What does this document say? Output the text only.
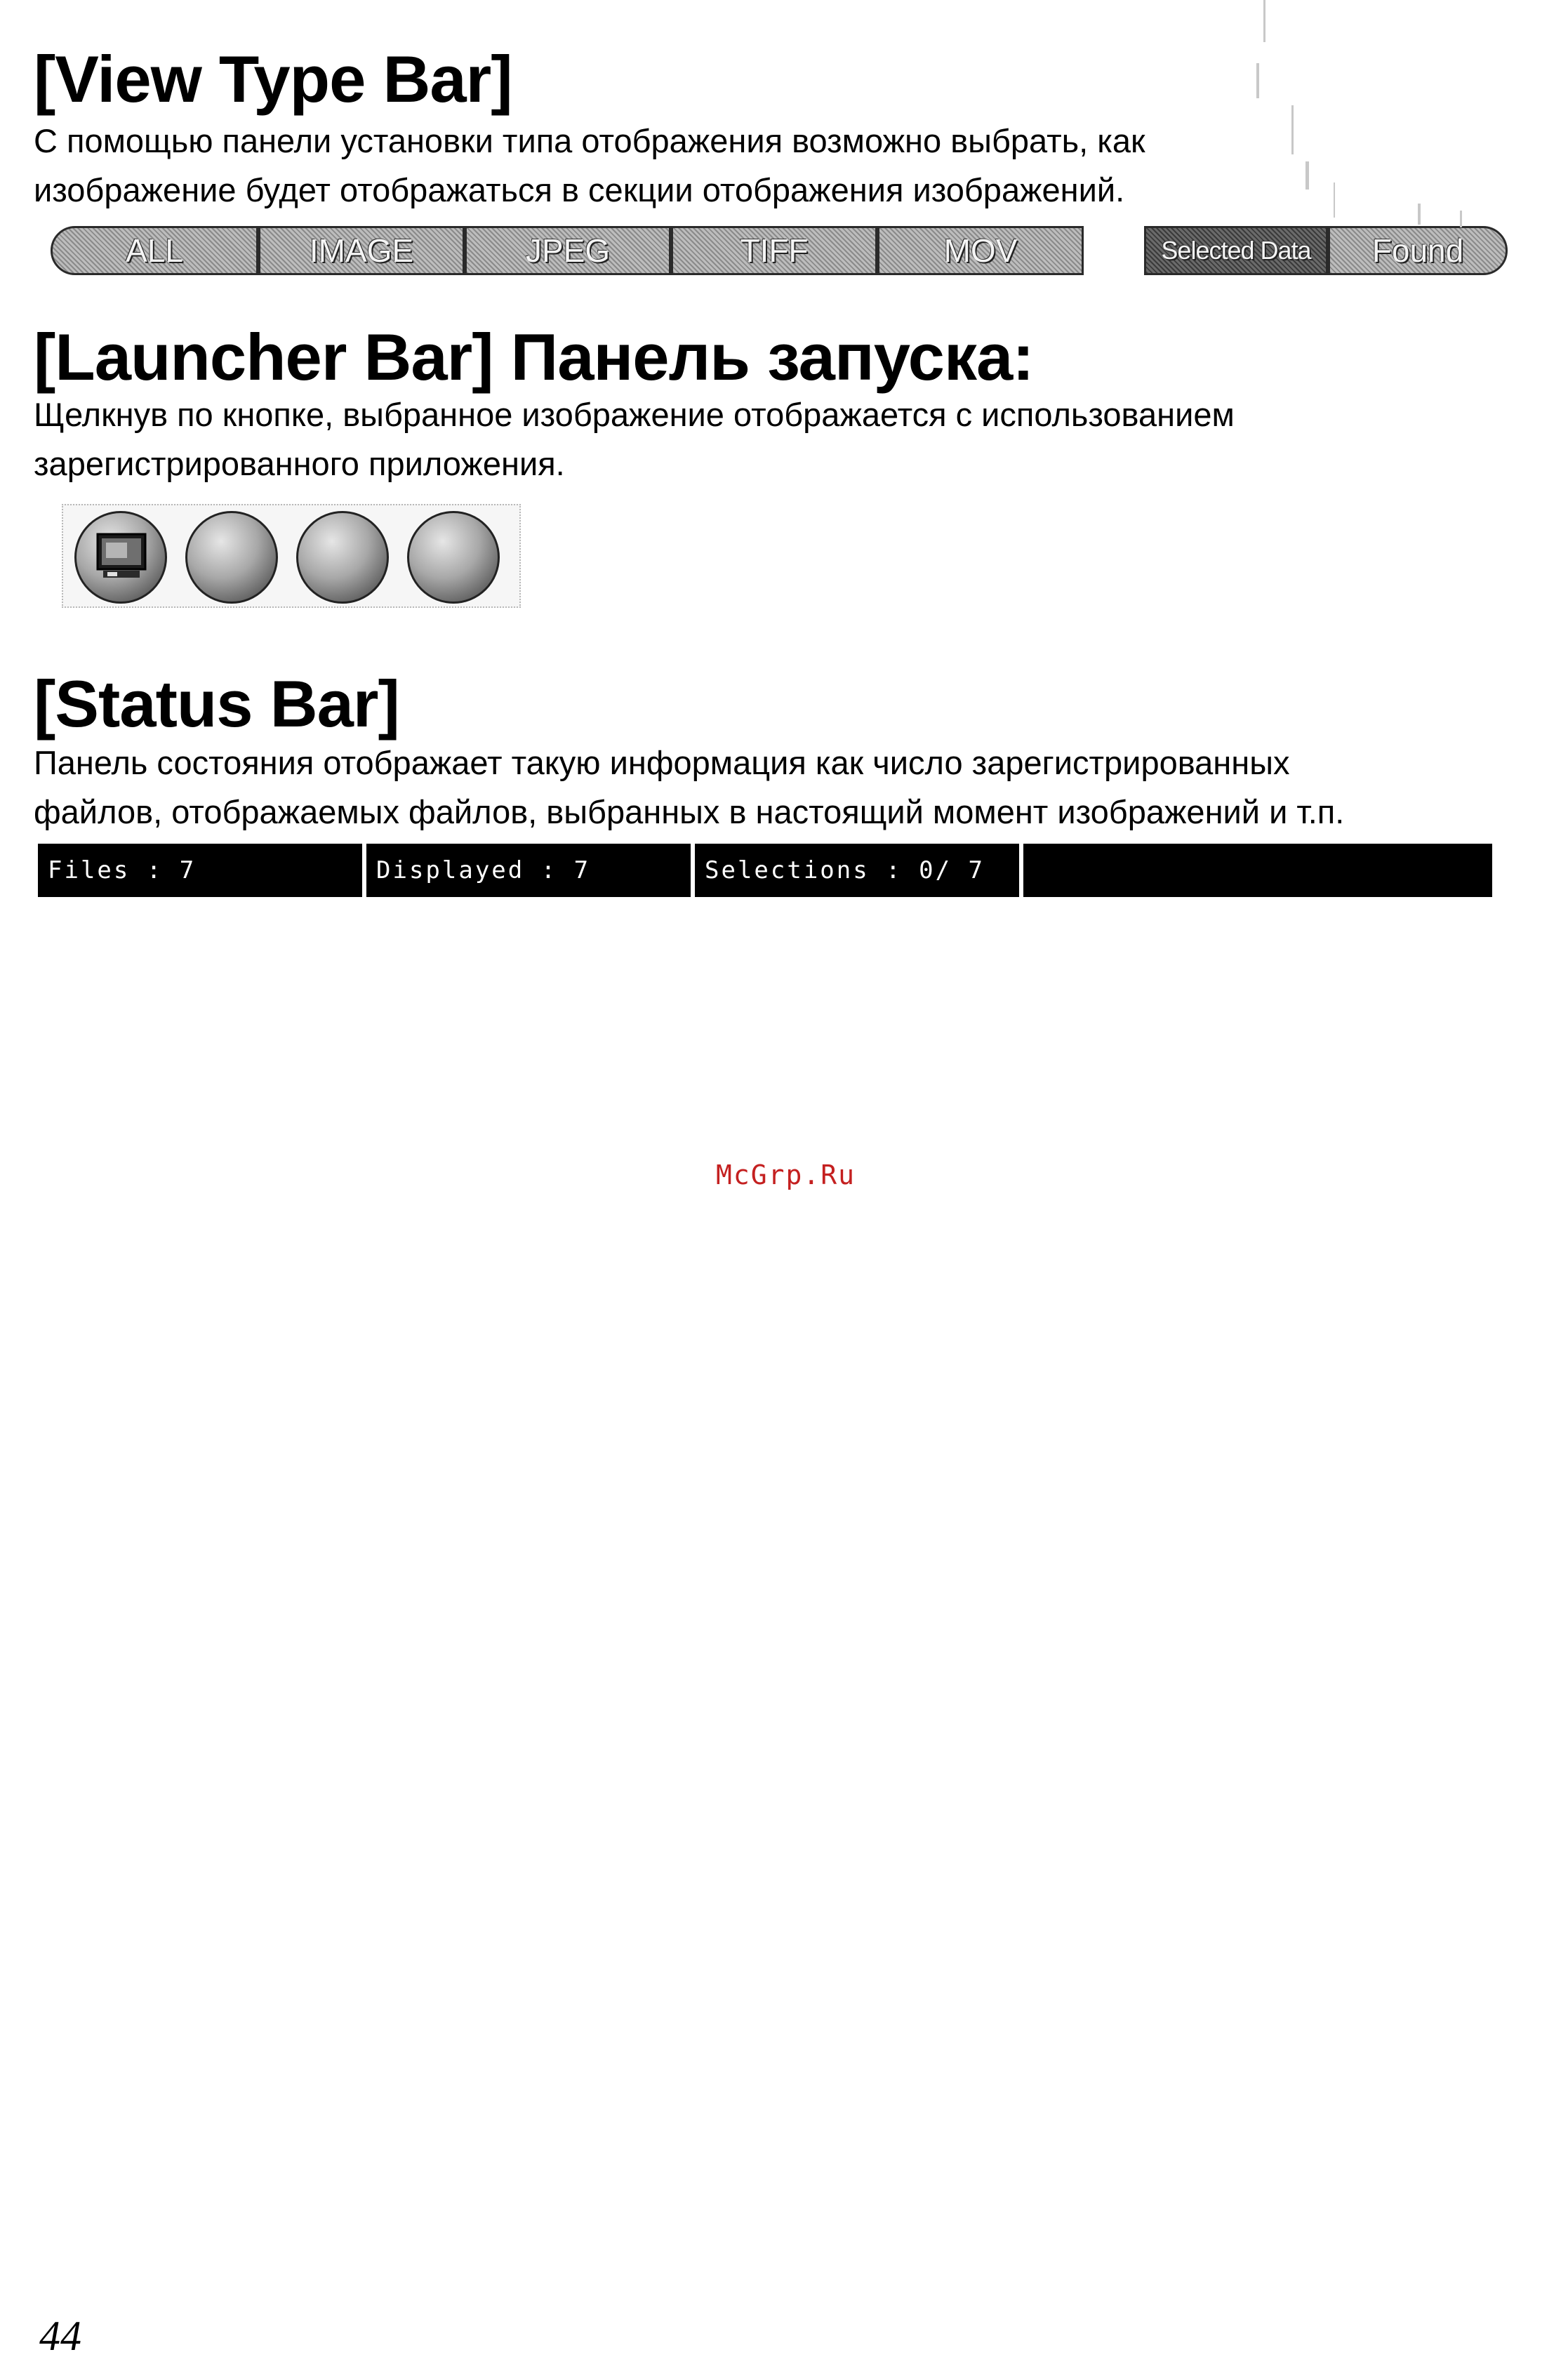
[View Type Bar]
С помощью панели установки типа отображения возможно выбрать, как
изображение будет отображаться в секции отображения изображений.
ALL	IMAGE	JPEG	TIFF	MOV	Selected Data	Found
[Launcher Bar] Панель запуска:
Щелкнув по кнопке, выбранное изображение отображается с использованием
зарегистрированного приложения.
[Status Bar]
Панель состояния отображает такую информация как число зарегистрированных
файлов, отображаемых файлов, выбранных в настоящий момент изображений и т.п.
Files : 7	Displayed : 7	Selections : 0/ 7

McGrp.Ru

44
